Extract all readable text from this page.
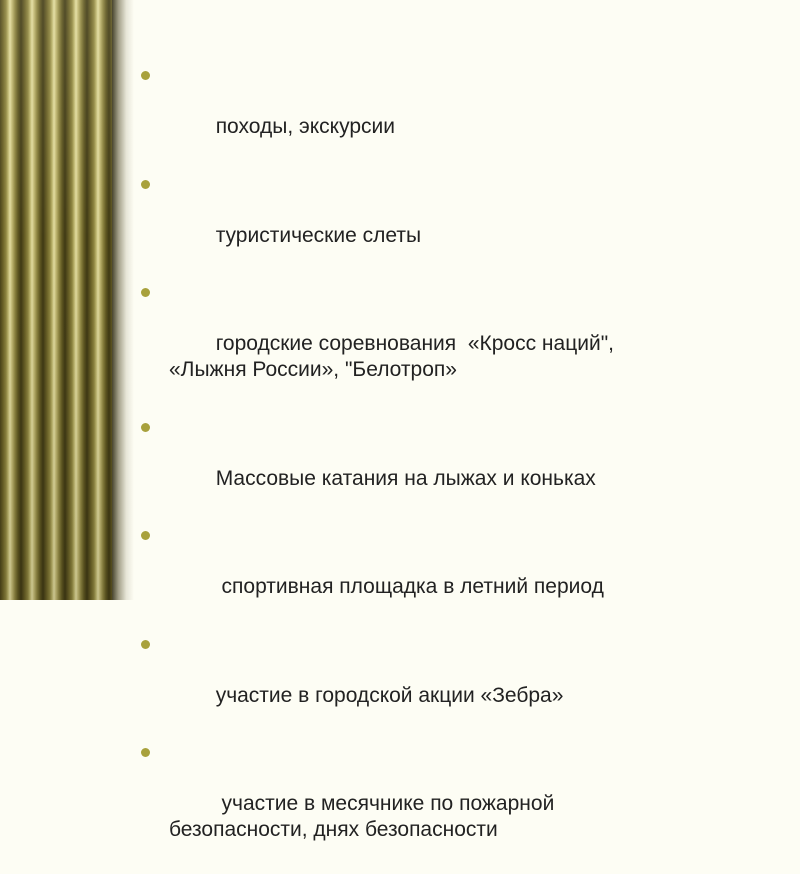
походы, экскурсии

туристические слеты

городские соревнования  «Кросс наций",
«Лыжня России», "Белотроп»

Массовые катания на лыжах и коньках

спортивная площадка в летний период

участие в городской акции «Зебра»

участие в месячнике по пожарной
безопасности, днях безопасности
